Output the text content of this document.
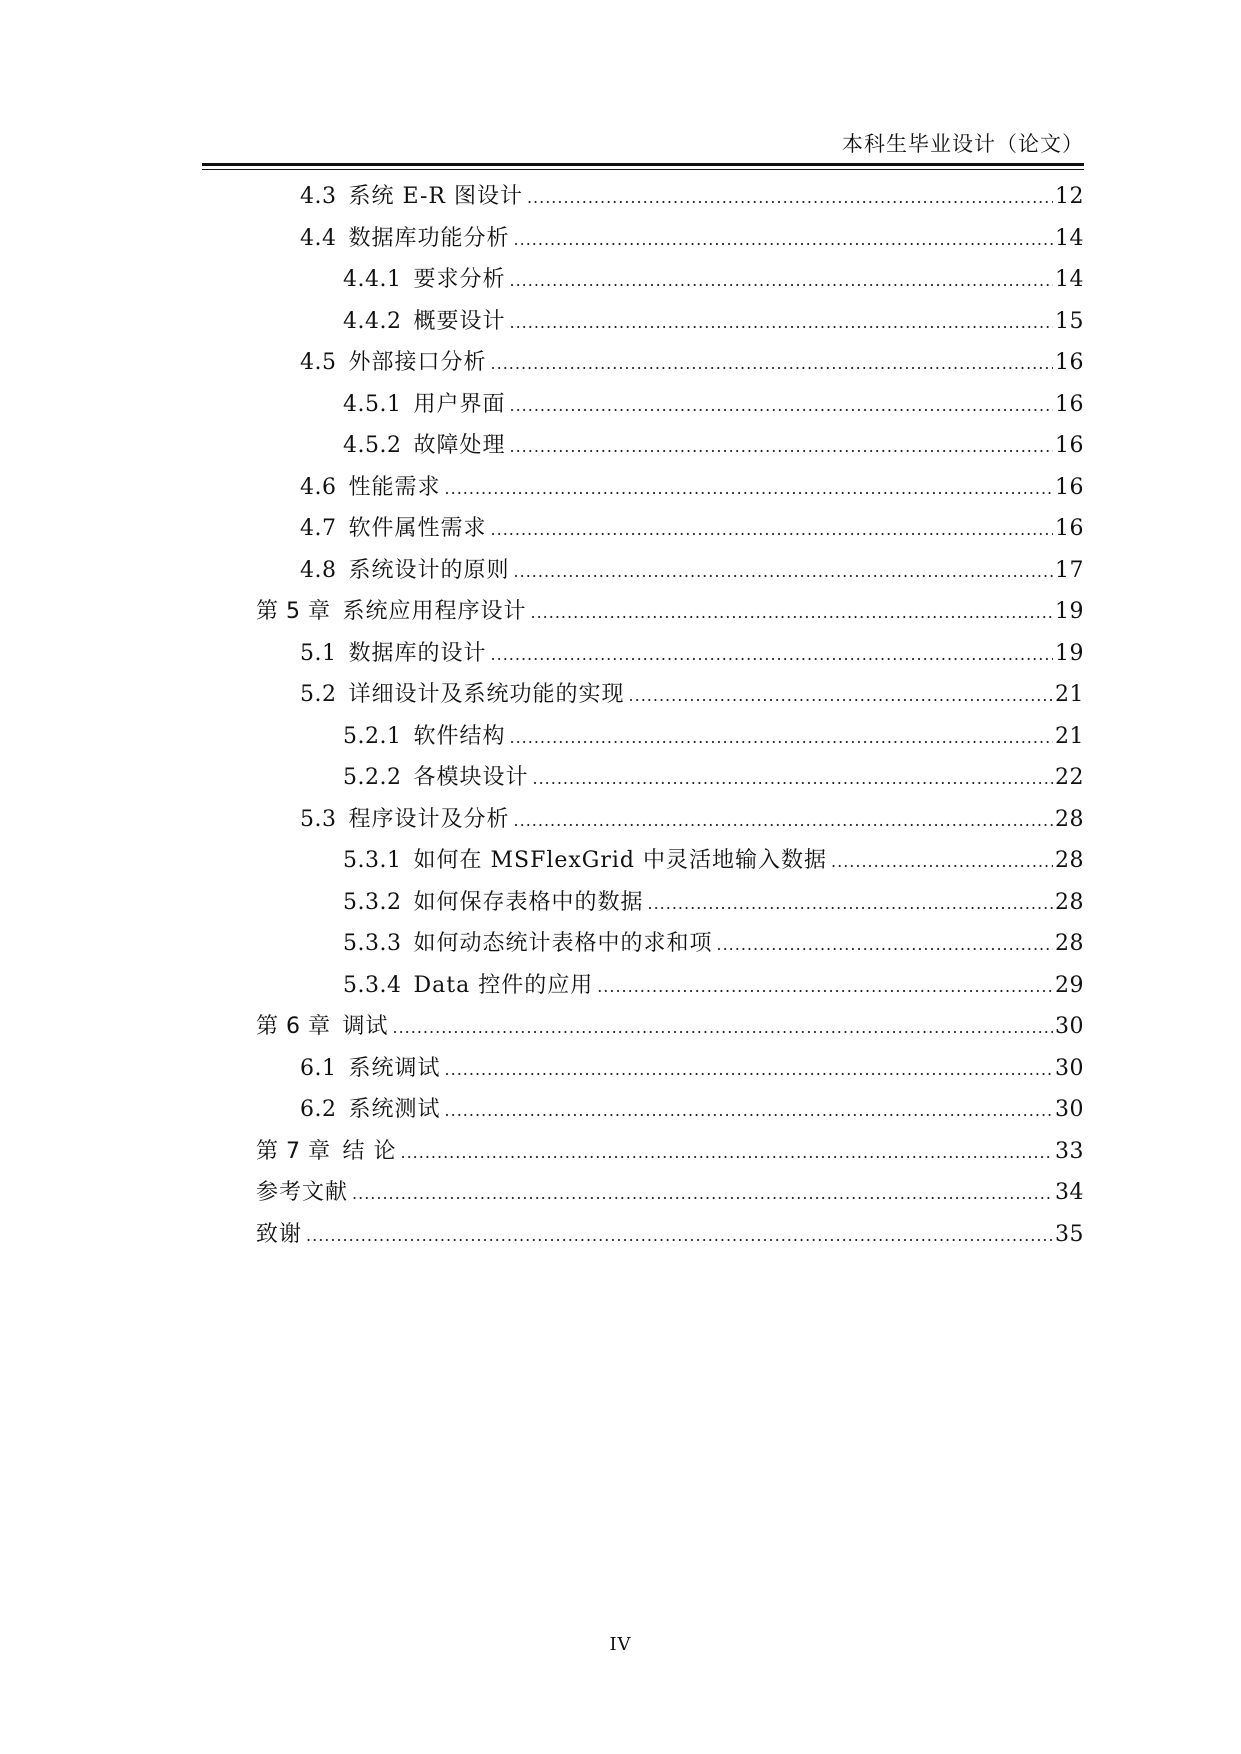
本科生毕业设计（论文）
4.3 系统 E-R 图设计 .....	12
4.4 数据库功能分析 .....	14
4.4.1 要求分析 .....	14
4.4.2 概要设计 .....	15
4.5 外部接口分析 .....	16
4.5.1 用户界面 .....	16
4.5.2 故障处理 .....	16
4.6 性能需求 .....	16
4.7 软件属性需求 .....	16
4.8 系统设计的原则 .....	17
第 5 章 系统应用程序设计 .....	19
5.1 数据库的设计 .....	19
5.2 详细设计及系统功能的实现 .....	21
5.2.1 软件结构 .....	21
5.2.2 各模块设计 .....	22
5.3 程序设计及分析 .....	28
5.3.1 如何在 MSFlexGrid 中灵活地输入数据 .....	28
5.3.2 如何保存表格中的数据 .....	28
5.3.3 如何动态统计表格中的求和项 .....	28
5.3.4 Data 控件的应用 .....	29
第 6 章 调试 .....	30
6.1 系统调试 .....	30
6.2 系统测试 .....	30
第 7 章 结 论 .....	33
参考文献 .....	34
致谢 .....	35
IV
